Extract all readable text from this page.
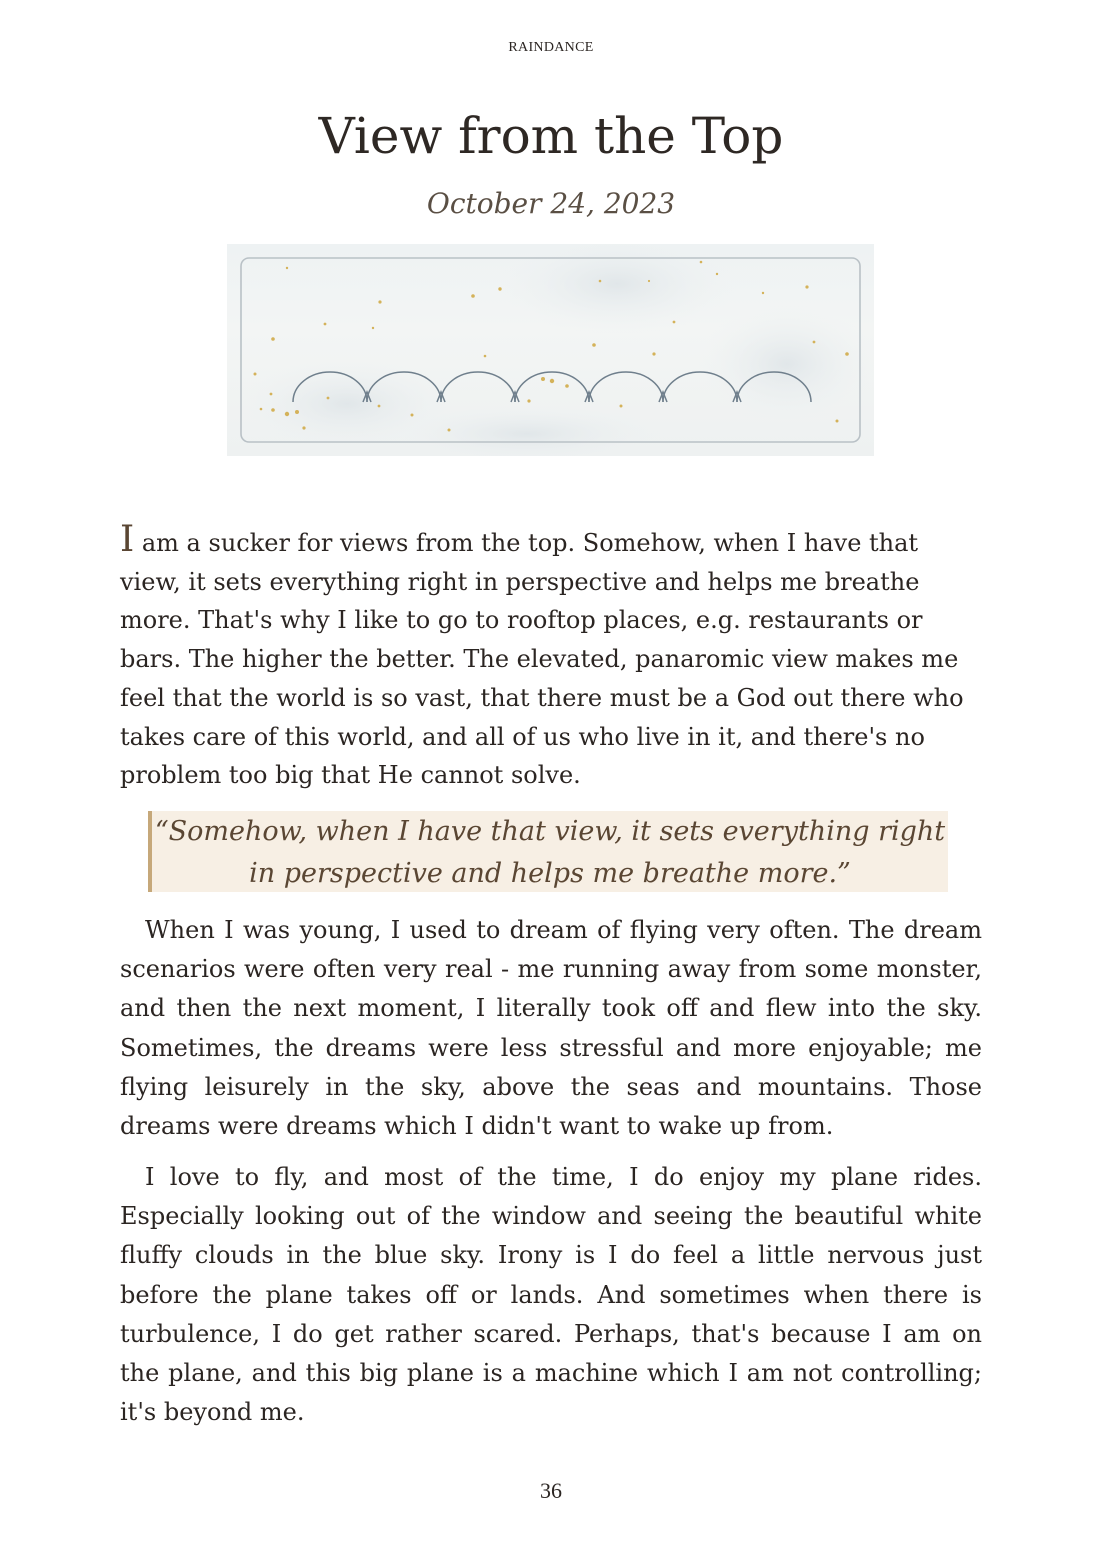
RAINDANCE
View from the Top
October 24, 2023
I am a sucker for views from the top. Somehow, when I have that view, it sets everything right in perspective and helps me breathe more. That's why I like to go to rooftop places, e.g. restaurants or bars. The higher the better. The elevated, panaromic view makes me feel that the world is so vast, that there must be a God out there who takes care of this world, and all of us who live in it, and there's no problem too big that He cannot solve.
“Somehow, when I have that view, it sets everything right in perspective and helps me breathe more.”
When I was young, I used to dream of flying very often. The dream scenarios were often very real - me running away from some monster, and then the next moment, I literally took off and flew into the sky. Sometimes, the dreams were less stressful and more enjoyable; me flying leisurely in the sky, above the seas and mountains. Those dreams were dreams which I didn't want to wake up from.
I love to fly, and most of the time, I do enjoy my plane rides. Especially looking out of the window and seeing the beautiful white fluffy clouds in the blue sky. Irony is I do feel a little nervous just before the plane takes off or lands. And sometimes when there is turbulence, I do get rather scared. Perhaps, that's because I am on the plane, and this big plane is a machine which I am not controlling; it's beyond me.
36
